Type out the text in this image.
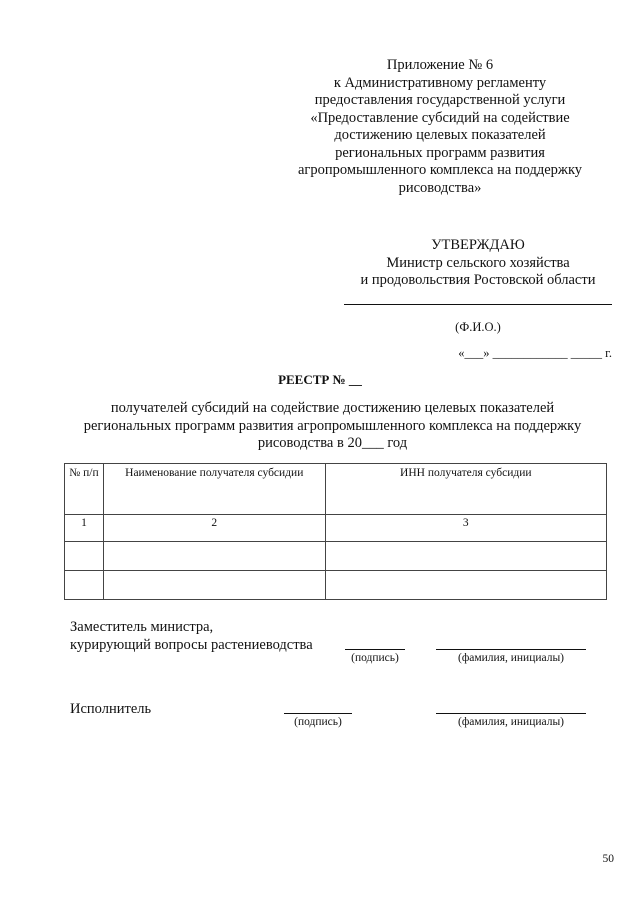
Приложение № 6
к Административному регламенту
предоставления государственной услуги
«Предоставление субсидий на содействие
достижению целевых показателей
региональных программ развития
агропромышленного комплекса на поддержку
рисоводства»
УТВЕРЖДАЮ
Министр сельского хозяйства
и продовольствия Ростовской области
(Ф.И.О.)
«___» ____________ _____ г.
РЕЕСТР № __
получателей субсидий на содействие достижению целевых показателей
региональных программ развития агропромышленного комплекса на поддержку
рисоводства в 20___ год
№ п/п	Наименование получателя субсидии	ИНН получателя субсидии
1	2	3

Заместитель министра,
курирующий вопросы растениеводства
(подпись)	(фамилия, инициалы)
Исполнитель
(подпись)	(фамилия, инициалы)
50
